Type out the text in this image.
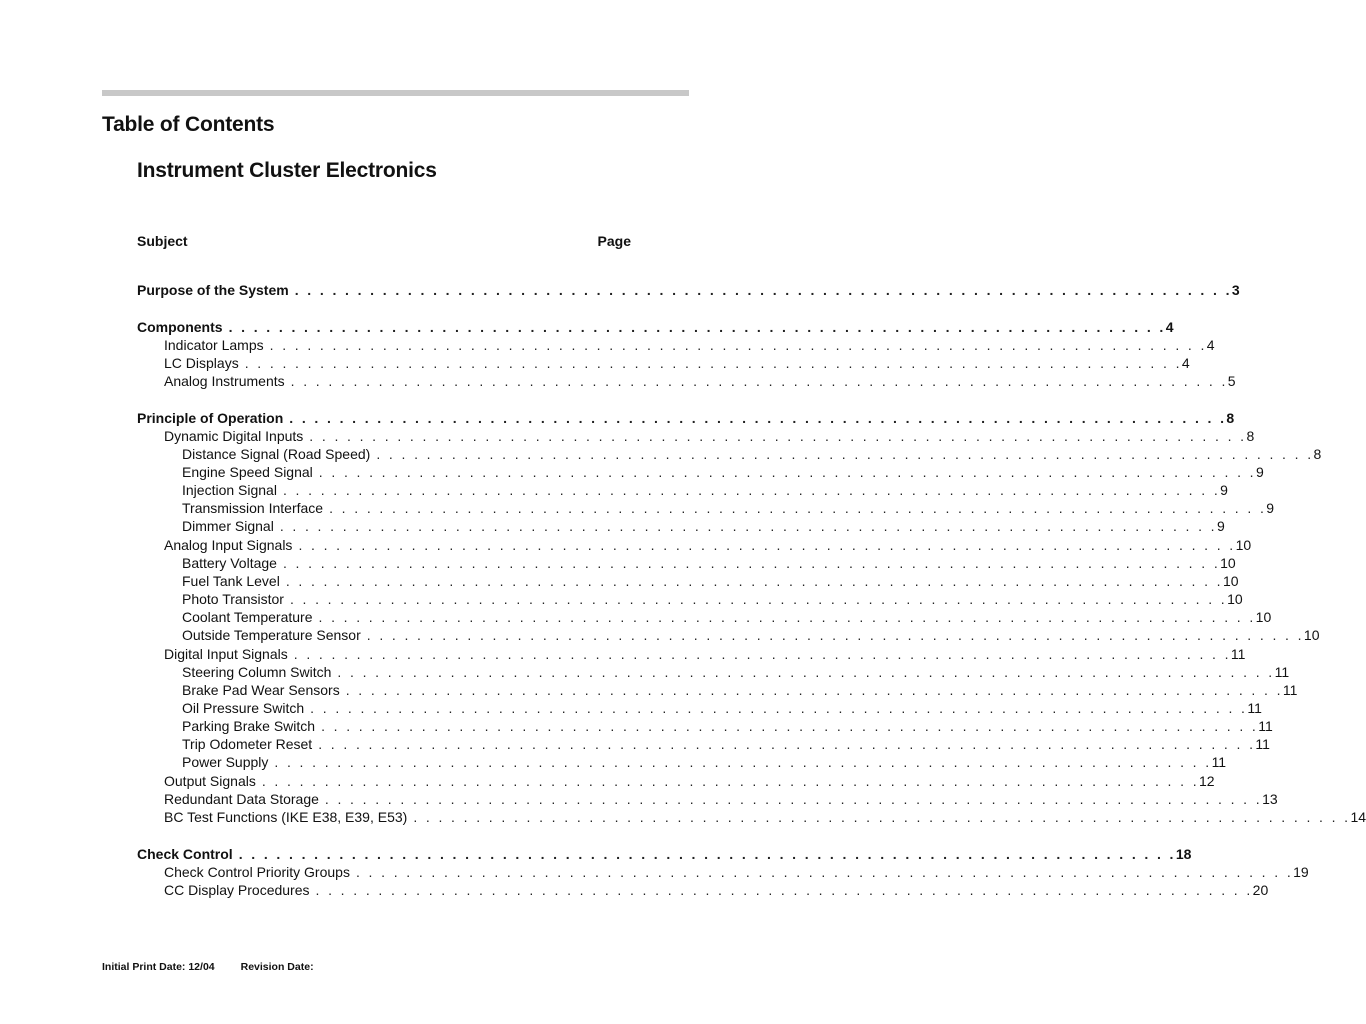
Table of Contents
Instrument Cluster Electronics
Subject	Page
Purpose of the System . . . . . . . . . . . . . . . . . . . . . . . . . . . . . . . . . . . . . . . . . . . . . . . . . . . . . . . . . . . . . . . . . . . . . . . . . . . 3
Components . . . . . . . . . . . . . . . . . . . . . . . . . . . . . . . . . . . . . . . . . . . . . . . . . . . . . . . . . . . . . . . . . . . . . . . . . . . 4
Indicator Lamps . . . . . . . . . . . . . . . . . . . . . . . . . . . . . . . . . . . . . . . . . . . . . . . . . . . . . . . . . . . . . . . . . . . . . . . . . . . 4
LC Displays . . . . . . . . . . . . . . . . . . . . . . . . . . . . . . . . . . . . . . . . . . . . . . . . . . . . . . . . . . . . . . . . . . . . . . . . . . . 4
Analog Instruments . . . . . . . . . . . . . . . . . . . . . . . . . . . . . . . . . . . . . . . . . . . . . . . . . . . . . . . . . . . . . . . . . . . . . . . . . . . 5
Principle of Operation . . . . . . . . . . . . . . . . . . . . . . . . . . . . . . . . . . . . . . . . . . . . . . . . . . . . . . . . . . . . . . . . . . . . . . . . . . . 8
Dynamic Digital Inputs . . . . . . . . . . . . . . . . . . . . . . . . . . . . . . . . . . . . . . . . . . . . . . . . . . . . . . . . . . . . . . . . . . . . . . . . . . . 8
Distance Signal (Road Speed) . . . . . . . . . . . . . . . . . . . . . . . . . . . . . . . . . . . . . . . . . . . . . . . . . . . . . . . . . . . . . . . . . . . . . . . . . . . 8
Engine Speed Signal . . . . . . . . . . . . . . . . . . . . . . . . . . . . . . . . . . . . . . . . . . . . . . . . . . . . . . . . . . . . . . . . . . . . . . . . . . . 9
Injection Signal . . . . . . . . . . . . . . . . . . . . . . . . . . . . . . . . . . . . . . . . . . . . . . . . . . . . . . . . . . . . . . . . . . . . . . . . . . . 9
Transmission Interface . . . . . . . . . . . . . . . . . . . . . . . . . . . . . . . . . . . . . . . . . . . . . . . . . . . . . . . . . . . . . . . . . . . . . . . . . . . 9
Dimmer Signal . . . . . . . . . . . . . . . . . . . . . . . . . . . . . . . . . . . . . . . . . . . . . . . . . . . . . . . . . . . . . . . . . . . . . . . . . . . 9
Analog Input Signals . . . . . . . . . . . . . . . . . . . . . . . . . . . . . . . . . . . . . . . . . . . . . . . . . . . . . . . . . . . . . . . . . . . . . . . . . . . 10
Battery Voltage . . . . . . . . . . . . . . . . . . . . . . . . . . . . . . . . . . . . . . . . . . . . . . . . . . . . . . . . . . . . . . . . . . . . . . . . . . . 10
Fuel Tank Level . . . . . . . . . . . . . . . . . . . . . . . . . . . . . . . . . . . . . . . . . . . . . . . . . . . . . . . . . . . . . . . . . . . . . . . . . . . 10
Photo Transistor . . . . . . . . . . . . . . . . . . . . . . . . . . . . . . . . . . . . . . . . . . . . . . . . . . . . . . . . . . . . . . . . . . . . . . . . . . . 10
Coolant Temperature . . . . . . . . . . . . . . . . . . . . . . . . . . . . . . . . . . . . . . . . . . . . . . . . . . . . . . . . . . . . . . . . . . . . . . . . . . . 10
Outside Temperature Sensor . . . . . . . . . . . . . . . . . . . . . . . . . . . . . . . . . . . . . . . . . . . . . . . . . . . . . . . . . . . . . . . . . . . . . . . . . . . 10
Digital Input Signals . . . . . . . . . . . . . . . . . . . . . . . . . . . . . . . . . . . . . . . . . . . . . . . . . . . . . . . . . . . . . . . . . . . . . . . . . . . 11
Steering Column Switch . . . . . . . . . . . . . . . . . . . . . . . . . . . . . . . . . . . . . . . . . . . . . . . . . . . . . . . . . . . . . . . . . . . . . . . . . . . 11
Brake Pad Wear Sensors . . . . . . . . . . . . . . . . . . . . . . . . . . . . . . . . . . . . . . . . . . . . . . . . . . . . . . . . . . . . . . . . . . . . . . . . . . . 11
Oil Pressure Switch . . . . . . . . . . . . . . . . . . . . . . . . . . . . . . . . . . . . . . . . . . . . . . . . . . . . . . . . . . . . . . . . . . . . . . . . . . . 11
Parking Brake Switch . . . . . . . . . . . . . . . . . . . . . . . . . . . . . . . . . . . . . . . . . . . . . . . . . . . . . . . . . . . . . . . . . . . . . . . . . . . 11
Trip Odometer Reset . . . . . . . . . . . . . . . . . . . . . . . . . . . . . . . . . . . . . . . . . . . . . . . . . . . . . . . . . . . . . . . . . . . . . . . . . . . 11
Power Supply . . . . . . . . . . . . . . . . . . . . . . . . . . . . . . . . . . . . . . . . . . . . . . . . . . . . . . . . . . . . . . . . . . . . . . . . . . . 11
Output Signals . . . . . . . . . . . . . . . . . . . . . . . . . . . . . . . . . . . . . . . . . . . . . . . . . . . . . . . . . . . . . . . . . . . . . . . . . . . 12
Redundant Data Storage . . . . . . . . . . . . . . . . . . . . . . . . . . . . . . . . . . . . . . . . . . . . . . . . . . . . . . . . . . . . . . . . . . . . . . . . . . . 13
BC Test Functions (IKE E38, E39, E53) . . . . . . . . . . . . . . . . . . . . . . . . . . . . . . . . . . . . . . . . . . . . . . . . . . . . . . . . . . . . . . . . . . . . . . . . . . . 14
Check Control . . . . . . . . . . . . . . . . . . . . . . . . . . . . . . . . . . . . . . . . . . . . . . . . . . . . . . . . . . . . . . . . . . . . . . . . . . . 18
Check Control Priority Groups . . . . . . . . . . . . . . . . . . . . . . . . . . . . . . . . . . . . . . . . . . . . . . . . . . . . . . . . . . . . . . . . . . . . . . . . . . . 19
CC Display Procedures . . . . . . . . . . . . . . . . . . . . . . . . . . . . . . . . . . . . . . . . . . . . . . . . . . . . . . . . . . . . . . . . . . . . . . . . . . . 20
Initial Print Date: 12/04 Revision Date:
